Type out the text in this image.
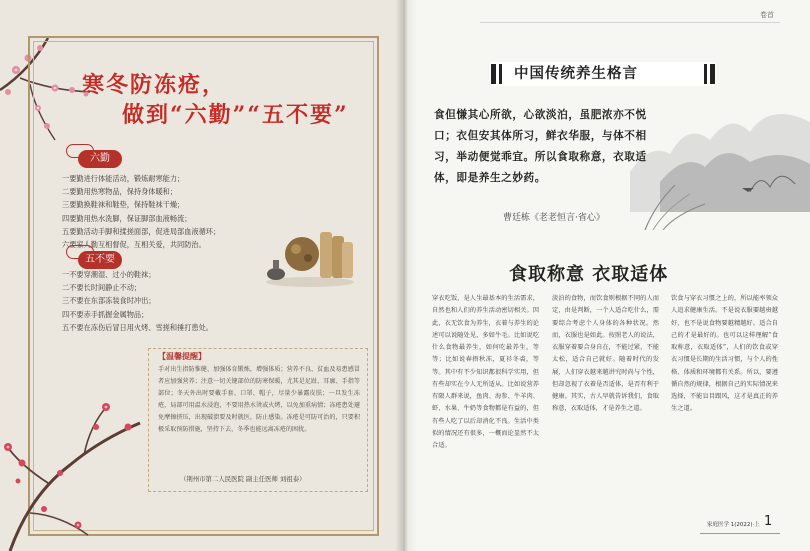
寒冬防冻疮，
做到“六勤”“五不要”
六勤
一要勤进行体能活动，锻炼耐寒能力；
二要勤用热寒物品，保持身体暖和；
三要勤换鞋袜和鞋垫，保持鞋袜干燥；
四要勤用热水洗脚，保证脚部血液畅流；
五要勤活动手脚和揉搓面部，促进局部血液循环；
六要家人勤互相督促，互相关爱，共同防治。
五不要
一不要穿潮湿、过小的鞋袜；
二不要长时间静止不动；
三不要在东部冻装食时冲出；
四不要赤手抓握金属物品；
五不要在冻伤后冒日用火烤、雪搓和捶打患处。
【温馨提醒】
手对出生指防惟健、加强体育锻炼，增强体质；营养不良、贫血及易患感冒者应加强营养；注意一切关键部位的防寒保暖，尤其是足趾、耳廓、手指等部位；冬天外出时要戴手套、口罩、帽子，尽量少暴露皮肤；一旦发生冻疮，局部可用温水浸泡，不要用热水烫或火烤，以免加重病情；冻疮患处避免摩擦挤压，出现破溃要及时就医，防止感染。冻疮是可防可治的，只要积极采取预防措施，坚持下去，冬季也能远离冻疮的困扰。
（荆州市第二人民医院 副主任医师 刘祖泰）
卷首
中国传统养生格言
食但慊其心所欲，心欲淡泊，虽肥浓亦不悦口；衣但安其体所习，鲜衣华服，与体不相习，举动便觉乖宜。所以食取称意，衣取适体，即是养生之妙药。
曹廷栋《老老恒言·省心》
食取称意 衣取适体
穿衣吃饭，是人生最基本的生活需求，自然也和人们的养生活动密切相关。因此，衣无饮食为养生，衣着与养生的论述可以说随处见，多如牛毛。比如说吃什么食物最养生，如何吃最养生，等等；比如说春捂秋冻，夏衫冬裘，等等。其中有不少知识都很科学实用，但有些却实在令人无所适从。比如说营养有限人群来说，鱼肉、海参、牛羊肉、虾、水果、牛奶等食物都是有益的，但有些人吃了以后却消化不良。生活中类似的情况还有很多，一概而论显然不太合适。
淡泊的食物，而饮食则根据不同的人而定，由是判断，一个人适合吃什么，需要综合考虑个人身体的各种状况。然而，衣服也是如此。按照老人的说法，衣服穿着要合身自在，不能过紧，不能太松，适合自己就好。随着时代的发展，人们穿衣越来越讲究时尚与个性，但却忽视了衣着是否适体，是否有利于健康。其实，古人早就告诉我们，食取称意，衣取适体，才是养生之道。
饮食与穿衣习惯之上的，所以能率领众人追求健康生活。不是说衣服要越贵越好，也不是说食物要越精越好。适合自己的才是最好的。也可以这样理解“食取称意，衣取适体”，人们的饮食或穿衣习惯是长期的生活习惯，与个人的性格、体质和环境都有关系。所以，要遵循自然的规律，根据自己的实际情况来选择，不能盲目跟风，这才是真正的养生之道。
家庭医学 1(2022)·上 1
